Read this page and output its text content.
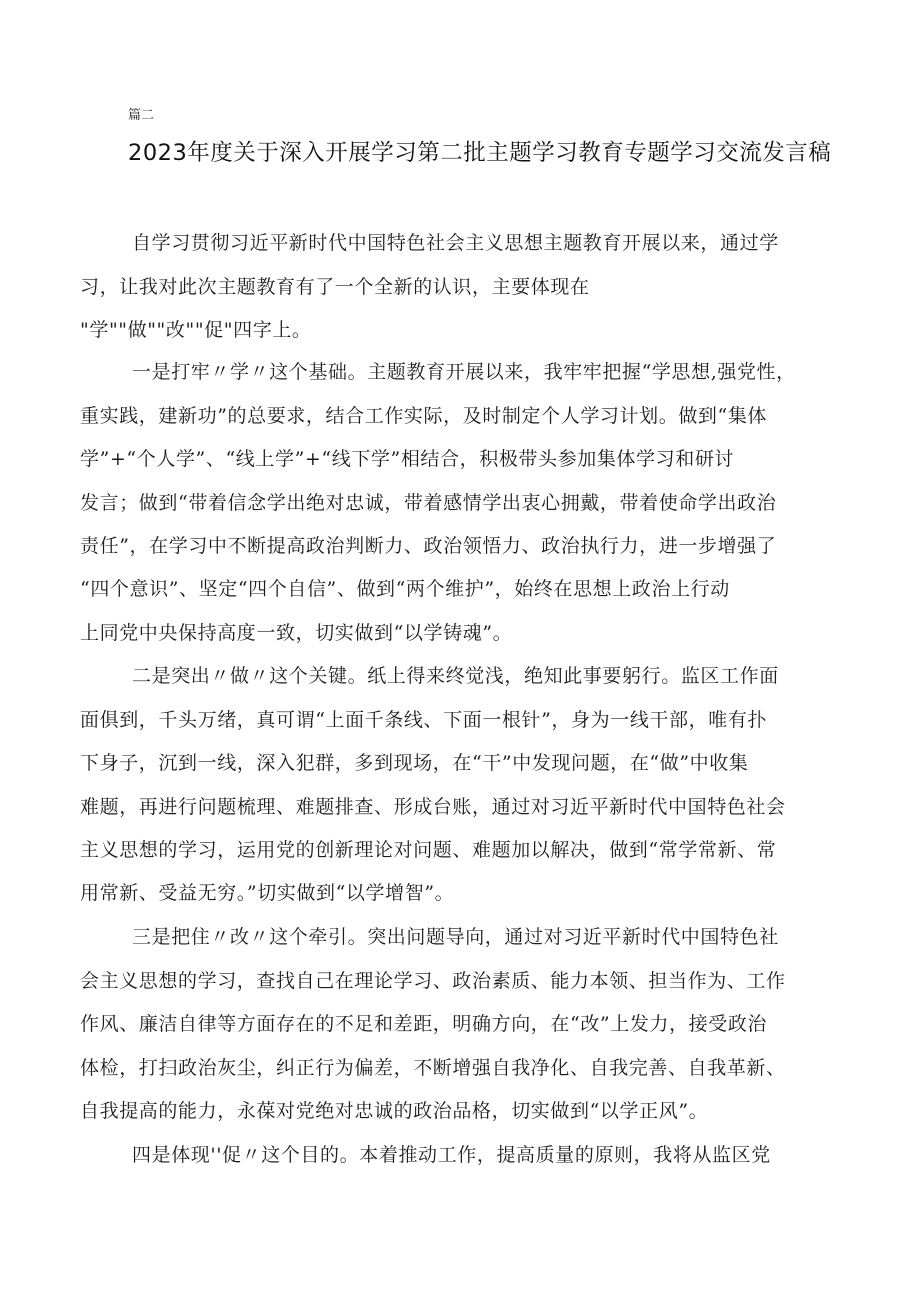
篇二
2023年度关于深入开展学习第二批主题学习教育专题学习交流发言稿
自学习贯彻习近平新时代中国特色社会主义思想主题教育开展以来，通过学
习，让我对此次主题教育有了一个全新的认识，主要体现在
"学""做""改""促"四字上。
一是打牢〃学〃这个基础。主题教育开展以来，我牢牢把握“学思想,强党性，
重实践，建新功”的总要求，结合工作实际，及时制定个人学习计划。做到“集体
学”+“个人学”、“线上学”+“线下学”相结合，积极带头参加集体学习和研讨
发言；做到“带着信念学出绝对忠诚，带着感情学出衷心拥戴，带着使命学出政治
责任”，在学习中不断提高政治判断力、政治领悟力、政治执行力，进一步增强了
“四个意识”、坚定“四个自信”、做到“两个维护”，始终在思想上政治上行动
上同党中央保持高度一致，切实做到“以学铸魂”。
二是突出〃做〃这个关键。纸上得来终觉浅，绝知此事要躬行。监区工作面
面俱到，千头万绪，真可谓“上面千条线、下面一根针”，身为一线干部，唯有扑
下身子，沉到一线，深入犯群，多到现场，在“干”中发现问题，在“做”中收集
难题，再进行问题梳理、难题排查、形成台账，通过对习近平新时代中国特色社会
主义思想的学习，运用党的创新理论对问题、难题加以解决，做到“常学常新、常
用常新、受益无穷。”切实做到“以学增智”。
三是把住〃改〃这个牵引。突出问题导向，通过对习近平新时代中国特色社
会主义思想的学习，查找自己在理论学习、政治素质、能力本领、担当作为、工作
作风、廉洁自律等方面存在的不足和差距，明确方向，在“改”上发力，接受政治
体检，打扫政治灰尘，纠正行为偏差，不断增强自我净化、自我完善、自我革新、
自我提高的能力，永葆对党绝对忠诚的政治品格，切实做到“以学正风”。
四是体现''促〃这个目的。本着推动工作，提高质量的原则，我将从监区党
